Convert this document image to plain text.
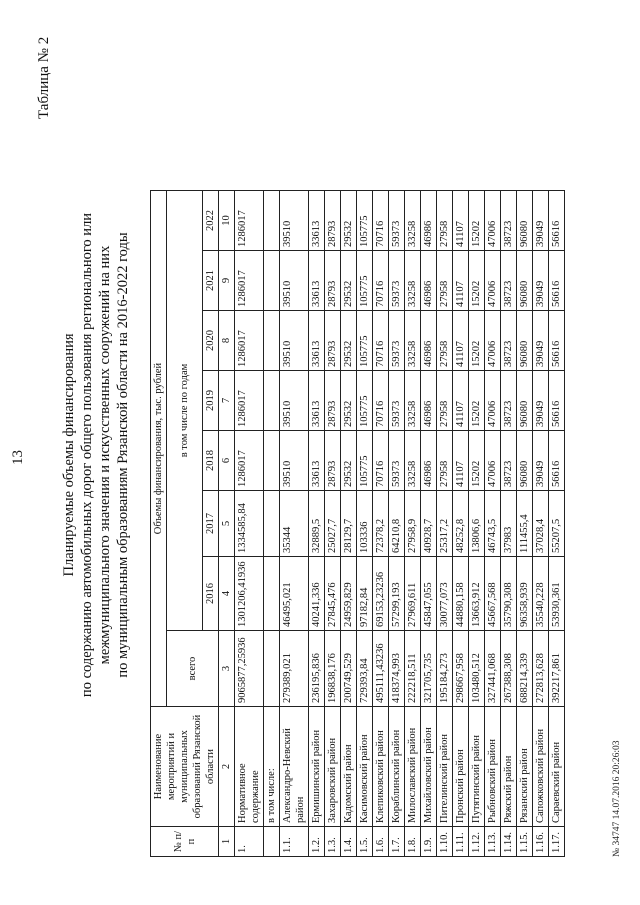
13
Таблица № 2
Планируемые объемы финансирования по содержанию автомобильных дорог общего пользования регионального или межмуниципального значения и искусственных сооружений на них по муниципальным образованиям Рязанской области на 2016-2022 годы
№ п/п	Наименование мероприятий и муниципальных образований Рязанской области	Объемы финансирования, тыс. рублей							
		всего	в том числе по годам						
			2016	2017	2018	2019	2020	2021	2022
1	2	3	4	5	6	7	8	9	10
1.	Нормативное содержание	9065877,25936	1301206,41936	1334585,84	1286017	1286017	1286017	1286017	1286017
	в том числе:								
1.1.	Александро-Невский район	279389,021	46495,021	35344	39510	39510	39510	39510	39510
1.2.	Ермишинский район	236195,836	40241,336	32889,5	33613	33613	33613	33613	33613
1.3.	Захаровский район	196838,176	27845,476	25027,7	28793	28793	28793	28793	28793
1.4.	Кадомский район	200749,529	24959,829	28129,7	29532	29532	29532	29532	29532
1.5.	Касимовский район	729393,84	97182,84	103336	105775	105775	105775	105775	105775
1.6.	Клепиковский район	495111,43236	69153,23236	72378,2	70716	70716	70716	70716	70716
1.7.	Кораблинский район	418374,993	57299,193	64210,8	59373	59373	59373	59373	59373
1.8.	Милославский район	222218,511	27969,611	27958,9	33258	33258	33258	33258	33258
1.9.	Михайловский район	321705,735	45847,055	40928,7	46986	46986	46986	46986	46986
1.10.	Пителинский район	195184,273	30077,073	25317,2	27958	27958	27958	27958	27958
1.11.	Пронский район	298667,958	44880,158	48252,8	41107	41107	41107	41107	41107
1.12.	Путятинский район	103480,512	13663,912	13806,6	15202	15202	15202	15202	15202
1.13.	Рыбновский район	327441,068	45667,568	46743,5	47006	47006	47006	47006	47006
1.14.	Ряжский район	267388,308	35790,308	37983	38723	38723	38723	38723	38723
1.15.	Рязанский район	688214,339	96358,939	111455,4	96080	96080	96080	96080	96080
1.16.	Сапожковский район	272813,628	35540,228	37028,4	39049	39049	39049	39049	39049
1.17.	Сараевский район	392217,861	53930,361	55207,5	56616	56616	56616	56616	56616
№ 34747 14.07.2016 20:26:03
